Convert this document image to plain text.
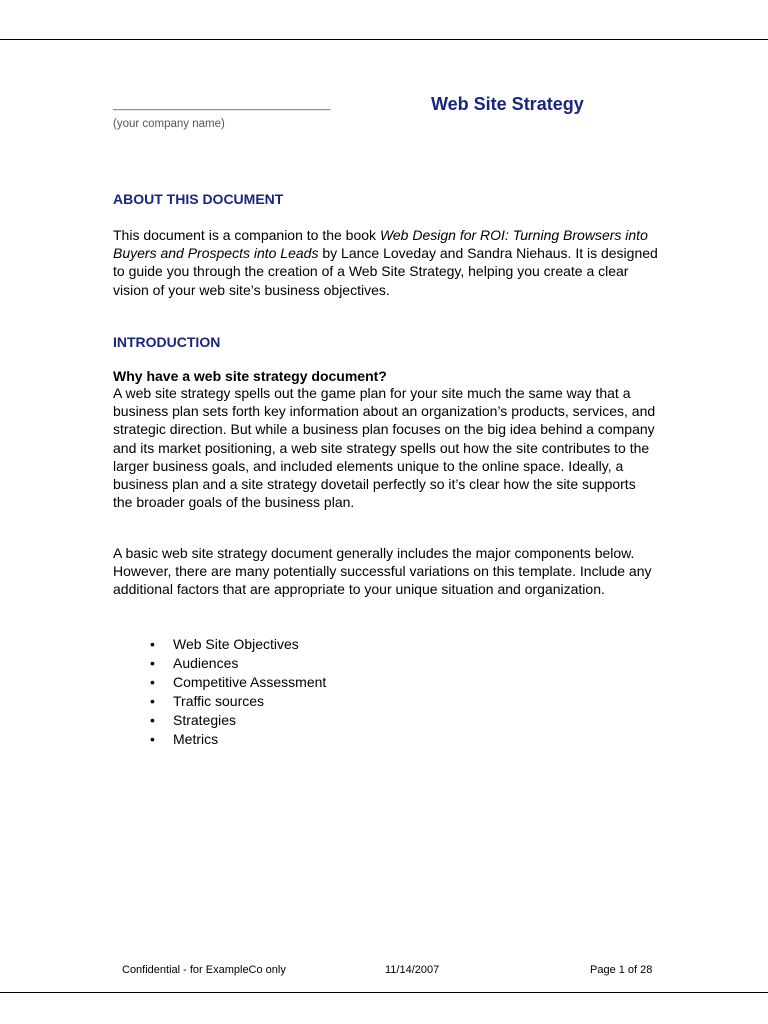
_______________________	Web Site Strategy
(your company name)
ABOUT THIS DOCUMENT

This document is a companion to the book Web Design for ROI: Turning Browsers into Buyers and Prospects into Leads by Lance Loveday and Sandra Niehaus. It is designed to guide you through the creation of a Web Site Strategy, helping you create a clear vision of your web site’s business objectives.

INTRODUCTION

Why have a web site strategy document?

A web site strategy spells out the game plan for your site much the same way that a business plan sets forth key information about an organization’s products, services, and strategic direction. But while a business plan focuses on the big idea behind a company and its market positioning, a web site strategy spells out how the site contributes to the larger business goals, and included elements unique to the online space. Ideally, a business plan and a site strategy dovetail perfectly so it’s clear how the site supports the broader goals of the business plan.

A basic web site strategy document generally includes the major components below. However, there are many potentially successful variations on this template. Include any additional factors that are appropriate to your unique situation and organization.

• Web Site Objectives
• Audiences
• Competitive Assessment
• Traffic sources
• Strategies
• Metrics
Confidential - for ExampleCo only	11/14/2007	Page 1 of 28
